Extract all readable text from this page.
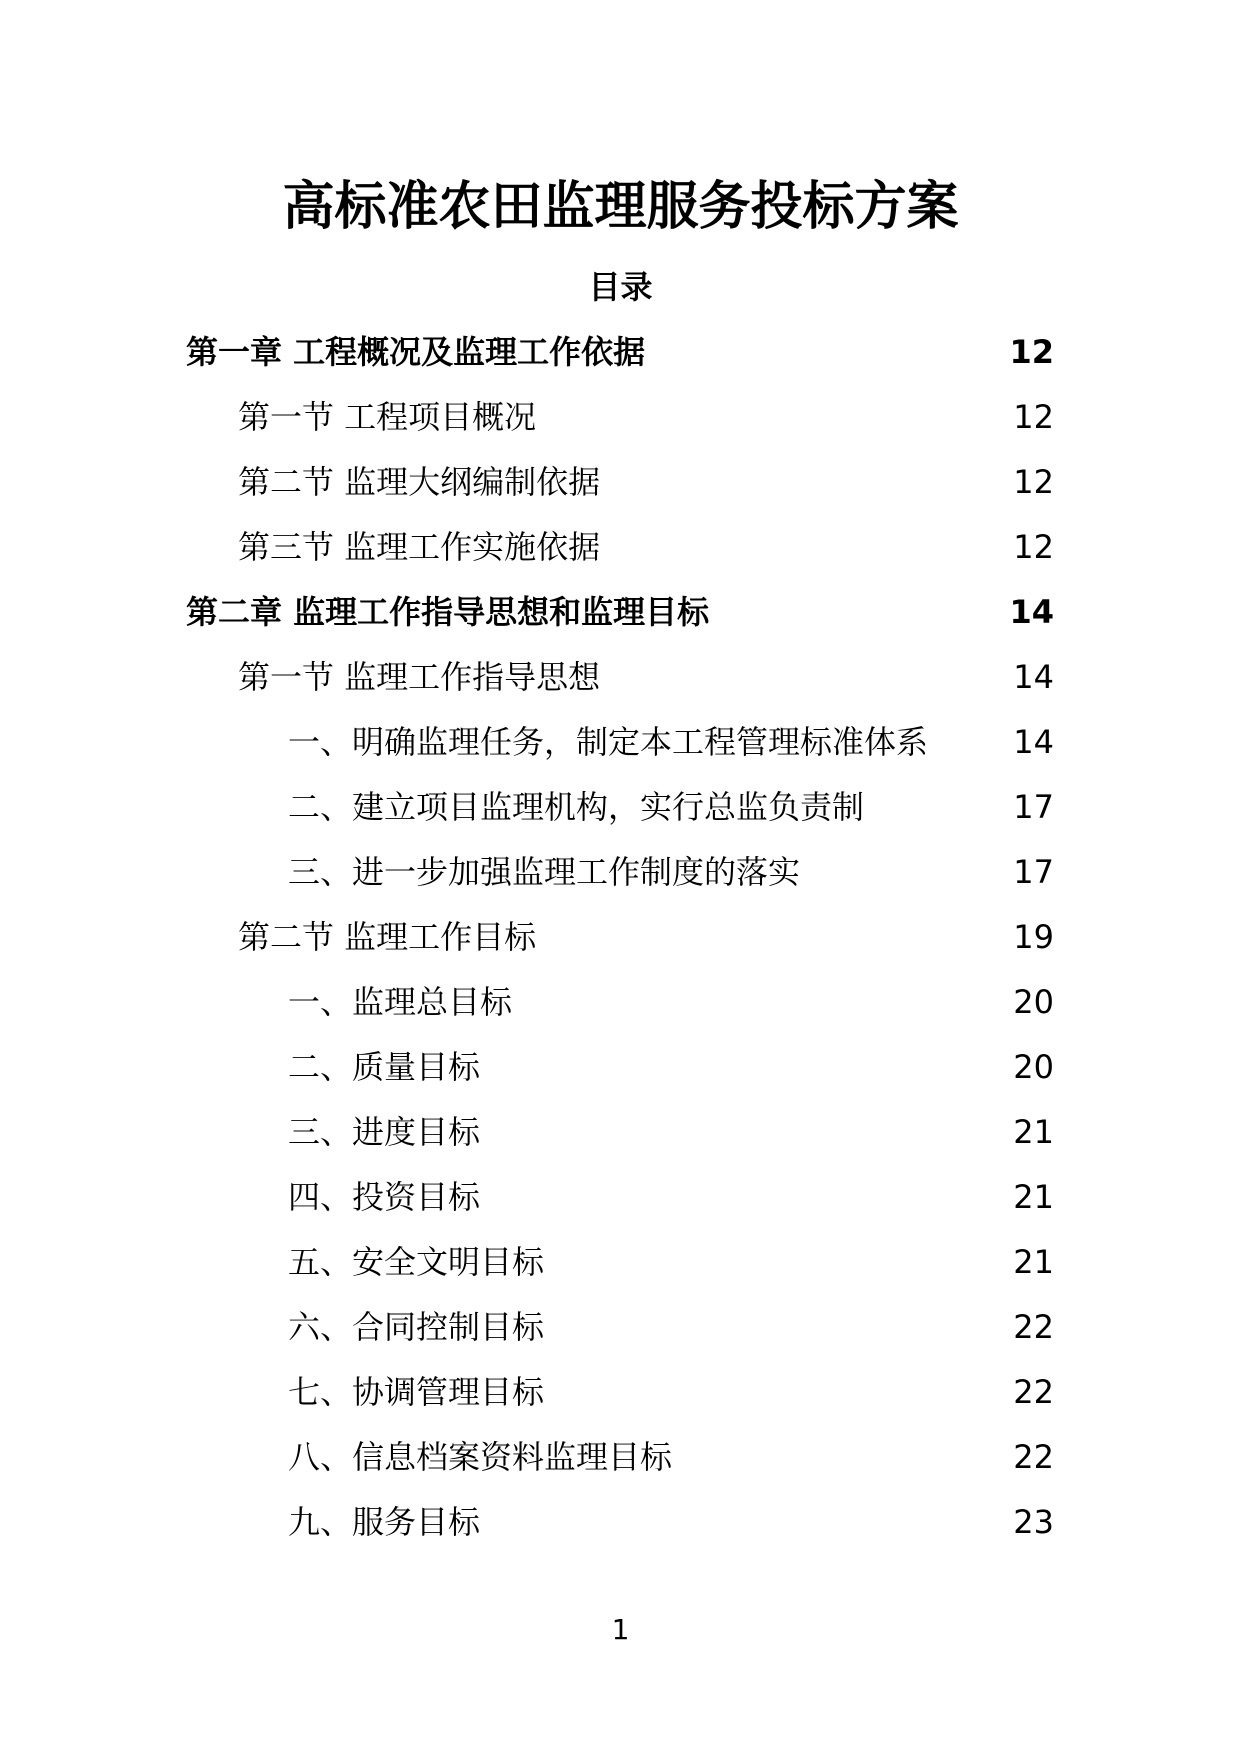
高标准农田监理服务投标方案
目录
第一章 工程概况及监理工作依据	12
第一节 工程项目概况	12
第二节 监理大纲编制依据	12
第三节 监理工作实施依据	12
第二章 监理工作指导思想和监理目标	14
第一节 监理工作指导思想	14
一、明确监理任务，制定本工程管理标准体系	14
二、建立项目监理机构，实行总监负责制	17
三、进一步加强监理工作制度的落实	17
第二节 监理工作目标	19
一、监理总目标	20
二、质量目标	20
三、进度目标	21
四、投资目标	21
五、安全文明目标	21
六、合同控制目标	22
七、协调管理目标	22
八、信息档案资料监理目标	22
九、服务目标	23
1
